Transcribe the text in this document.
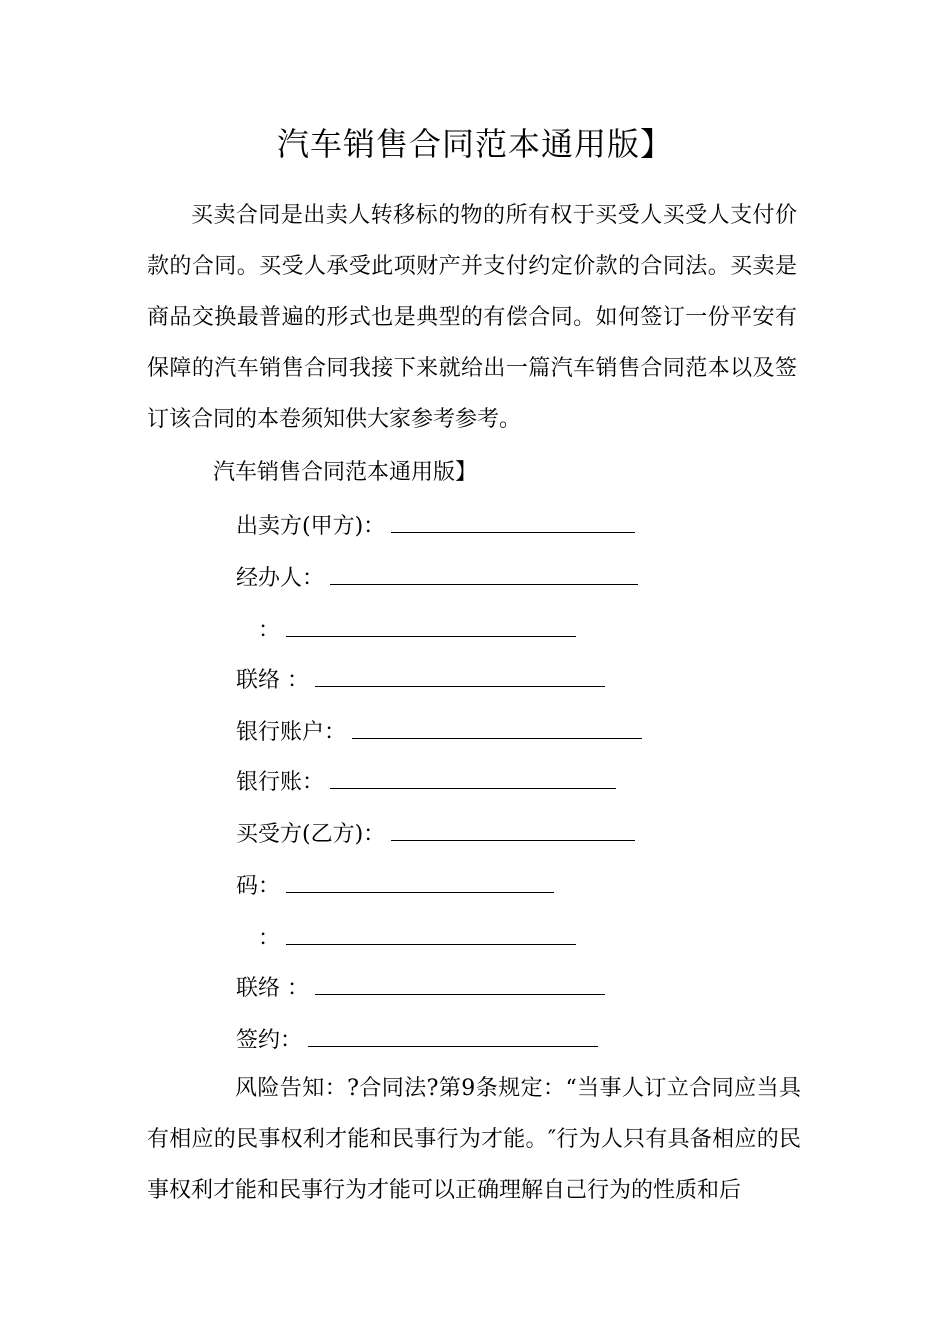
汽车销售合同范本通用版】

买卖合同是出卖人转移标的物的所有权于买受人买受人支付价款的合同。买受人承受此项财产并支付约定价款的合同法。买卖是商品交换最普遍的形式也是典型的有偿合同。如何签订一份平安有保障的汽车销售合同我接下来就给出一篇汽车销售合同范本以及签订该合同的本卷须知供大家参考参考。

汽车销售合同范本通用版】
出卖方(甲方)：
经办人：
：
联络 ：
银行账户：
银行账：
买受方(乙方)：
码：
：
联络 ：
签约：

风险告知：?合同法?第9条规定：“当事人订立合同应当具有相应的民事权利才能和民事行为才能。″行为人只有具备相应的民事权利才能和民事行为才能可以正确理解自己行为的性质和后
